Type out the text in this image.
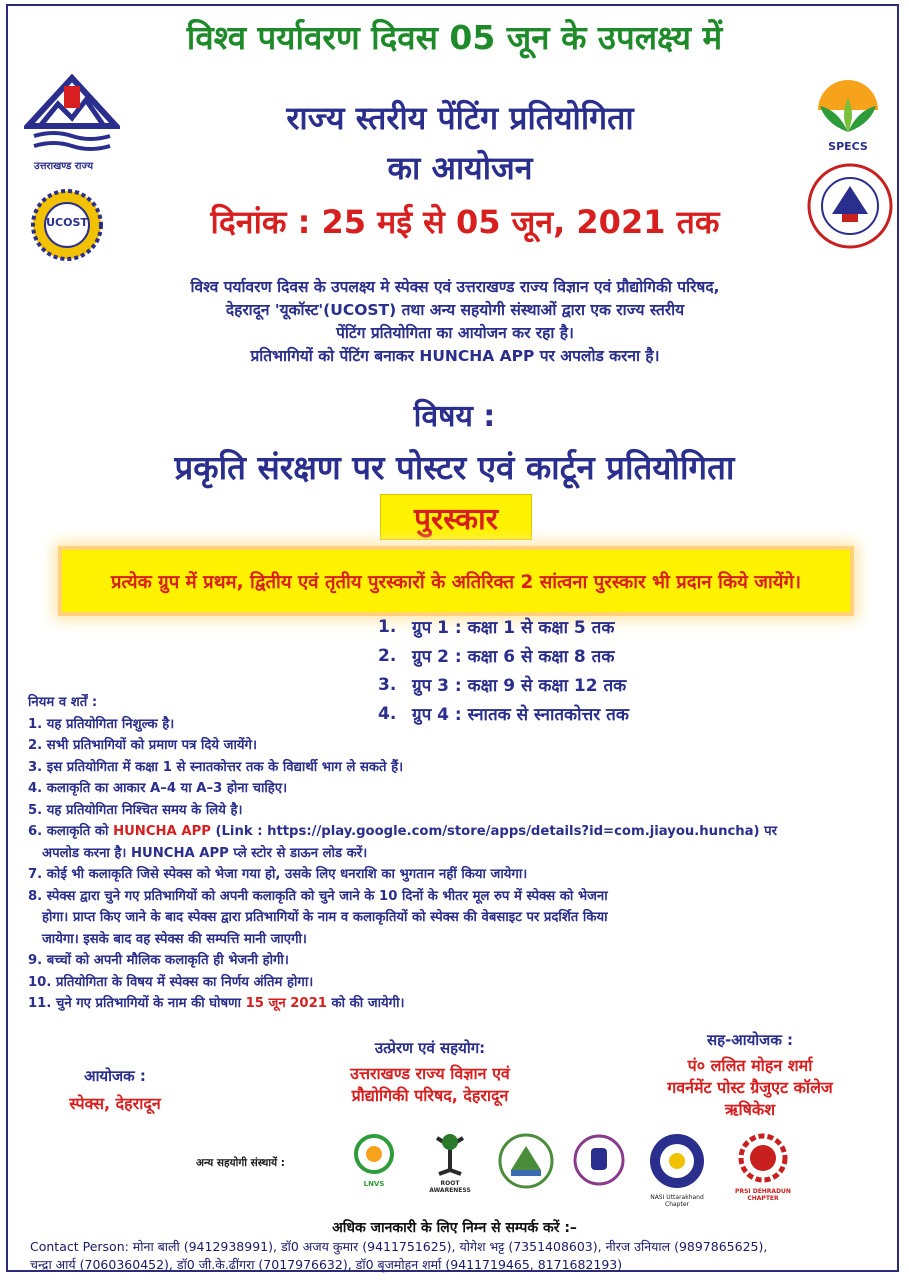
विश्व पर्यावरण दिवस 05 जून के उपलक्ष्य में
उत्तराखण्ड राज्य
UCOST
राज्य स्तरीय पेंटिंग प्रतियोगिता
का आयोजन
SPECS
दिनांक : 25 मई से 05 जून, 2021 तक
विश्व पर्यावरण दिवस के उपलक्ष्य मे स्पेक्स एवं उत्तराखण्ड राज्य विज्ञान एवं प्रौद्योगिकी परिषद,
देहरादून 'यूकॉस्ट'(UCOST) तथा अन्य सहयोगी संस्थाओं द्वारा एक राज्य स्तरीय
पेंटिंग प्रतियोगिता का आयोजन कर रहा है।
प्रतिभागियों को पेंटिंग बनाकर HUNCHA APP पर अपलोड करना है।
विषय :
प्रकृति संरक्षण पर पोस्टर एवं कार्टून प्रतियोगिता
पुरस्कार
प्रत्येक ग्रुप में प्रथम, द्वितीय एवं तृतीय पुरस्कारों के अतिरिक्त 2 सांत्वना पुरस्कार भी प्रदान किये जायेंगे।
1. ग्रुप 1 : कक्षा 1 से कक्षा 5 तक
2. ग्रुप 2 : कक्षा 6 से कक्षा 8 तक
3. ग्रुप 3 : कक्षा 9 से कक्षा 12 तक
4. ग्रुप 4 : स्नातक से स्नातकोत्तर तक
नियम व शर्तें :
1. यह प्रतियोगिता निशुल्क है।
2. सभी प्रतिभागियों को प्रमाण पत्र दिये जायेंगे।
3. इस प्रतियोगिता में कक्षा 1 से स्नातकोत्तर तक के विद्यार्थी भाग ले सकते हैं।
4. कलाकृति का आकार A–4 या A–3 होना चाहिए।
5. यह प्रतियोगिता निश्चित समय के लिये है।
6. कलाकृति को HUNCHA APP (Link : https://play.google.com/store/apps/details?id=com.jiayou.huncha) पर
अपलोड करना है। HUNCHA APP प्ले स्टोर से डाऊन लोड करें।
7. कोई भी कलाकृति जिसे स्पेक्स को भेजा गया हो, उसके लिए धनराशि का भुगतान नहीं किया जायेगा।
8. स्पेक्स द्वारा चुने गए प्रतिभागियों को अपनी कलाकृति को चुने जाने के 10 दिनों के भीतर मूल रुप में स्पेक्स को भेजना
होगा। प्राप्त किए जाने के बाद स्पेक्स द्वारा प्रतिभागियों के नाम व कलाकृतियों को स्पेक्स की वेबसाइट पर प्रदर्शित किया
जायेगा। इसके बाद वह स्पेक्स की सम्पत्ति मानी जाएगी।
9. बच्चों को अपनी मौलिक कलाकृति ही भेजनी होगी।
10. प्रतियोगिता के विषय में स्पेक्स का निर्णय अंतिम होगा।
11. चुने गए प्रतिभागियों के नाम की घोषणा 15 जून 2021 को की जायेगी।
आयोजक :
स्पेक्स, देहरादून
उत्प्रेरण एवं सहयोग:
उत्तराखण्ड राज्य विज्ञान एवं
प्रौद्योगिकी परिषद, देहरादून
सह-आयोजक :
पं० ललित मोहन शर्मा
गवर्नमेंट पोस्ट ग्रैजुएट कॉलेज
ऋषिकेश
अन्य सहयोगी संस्थायें :
LNVS	ROOT AWARENESS
NASI Uttarakhand Chapter
PRSI DEHRADUN CHAPTER
अधिक जानकारी के लिए निम्न से सम्पर्क करें :–
Contact Person: मोना बाली (9412938991), डॉ0 अजय कुमार (9411751625), योगेश भट्ट (7351408603), नीरज उनियाल (9897865625),
चन्द्रा आर्य (7060360452), डॉ0 जी.के.ढींगरा (7017976632), डॉ0 बृजमोहन शर्मा (9411719465, 8171682193)
